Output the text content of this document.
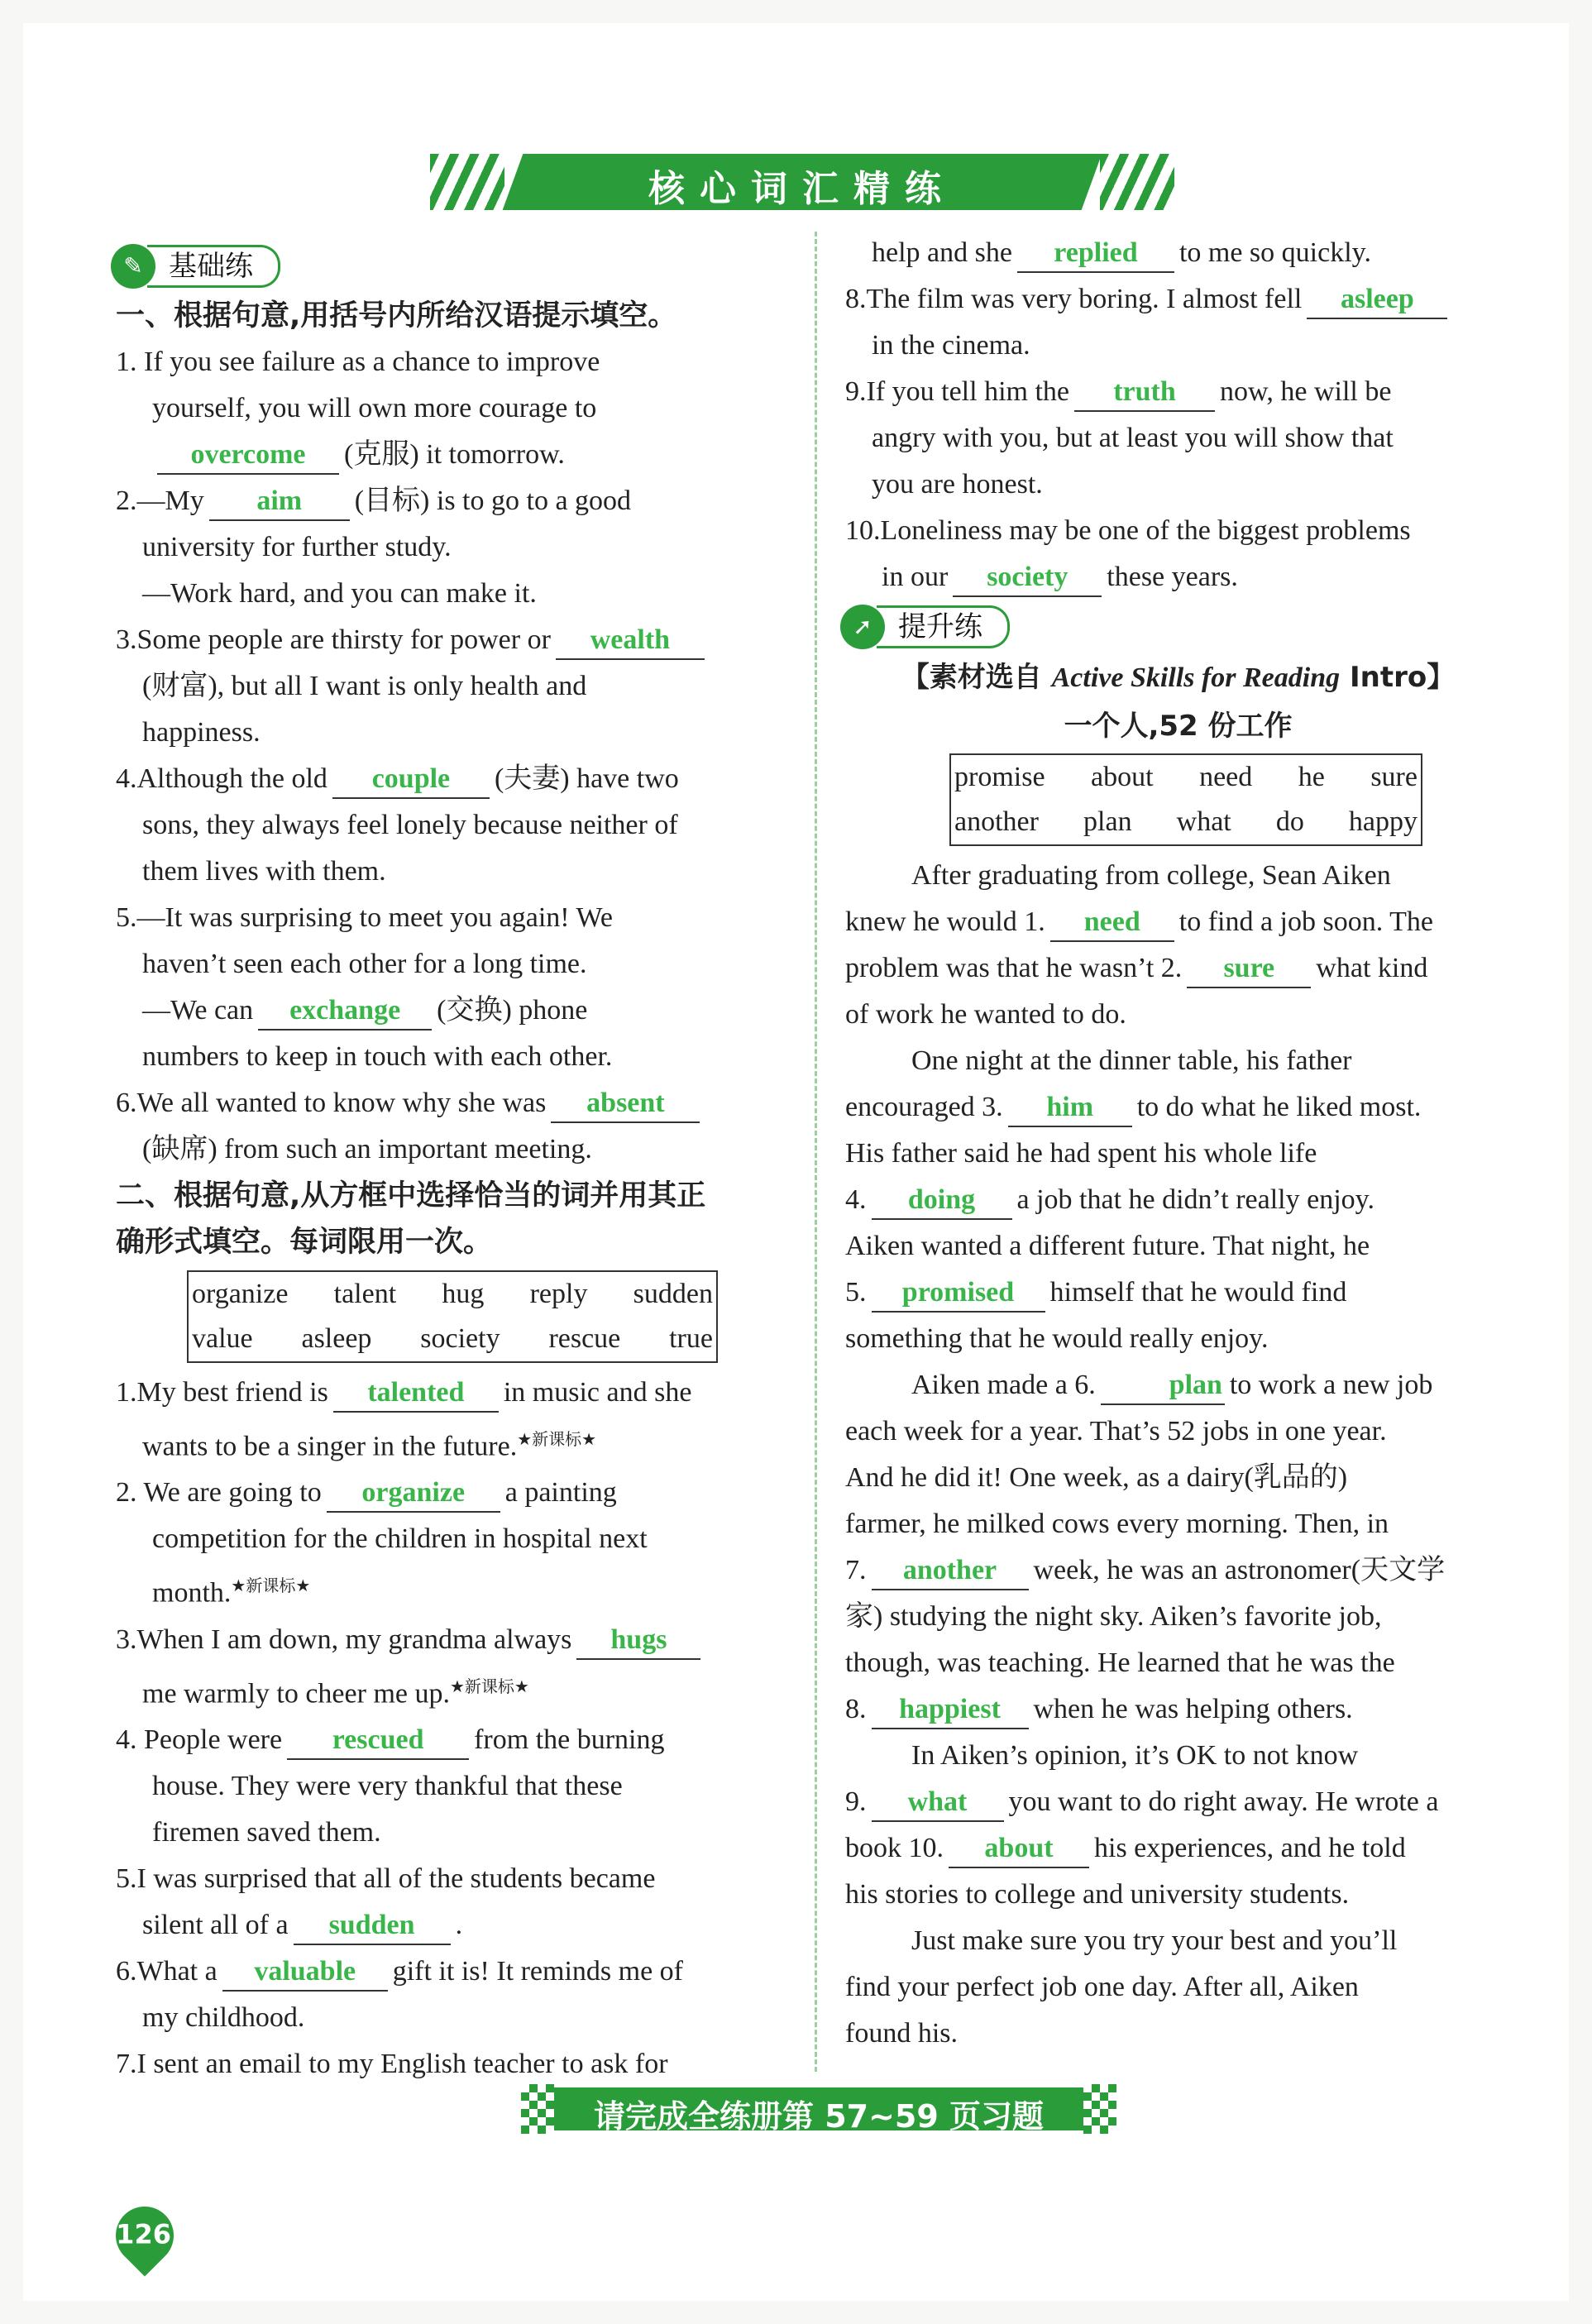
核心词汇精练
✎ 基础练
一、根据句意,用括号内所给汉语提示填空。
1. If you see failure as a chance to improve
yourself, you will own more courage to
overcome (克服) it tomorrow.
2.—My aim (目标) is to go to a good
university for further study.
—Work hard, and you can make it.
3.Some people are thirsty for power or wealth
(财富), but all I want is only health and
happiness.
4.Although the old couple (夫妻) have two
sons, they always feel lonely because neither of
them lives with them.
5.—It was surprising to meet you again! We
haven’t seen each other for a long time.
—We can exchange (交换) phone
numbers to keep in touch with each other.
6.We all wanted to know why she was absent
(缺席) from such an important meeting.
二、根据句意,从方框中选择恰当的词并用其正
确形式填空。每词限用一次。
organize talent hug reply sudden
value asleep society rescue true
1.My best friend is talented in music and she
wants to be a singer in the future.$^{★新课标★}$
2. We are going to organize a painting
competition for the children in hospital next
month.$^{★新课标★}$
3.When I am down, my grandma always hugs
me warmly to cheer me up.$^{★新课标★}$
4. People were rescued from the burning
house. They were very thankful that these
firemen saved them.
5.I was surprised that all of the students became
silent all of a sudden .
6.What a valuable gift it is! It reminds me of
my childhood.
7.I sent an email to my English teacher to ask for
help and she replied to me so quickly.
8.The film was very boring. I almost fell asleep
in the cinema.
9.If you tell him the truth now, he will be
angry with you, but at least you will show that
you are honest.
10.Loneliness may be one of the biggest problems
in our society these years.
➚ 提升练
【素材选自 Active Skills for Reading Intro】
一个人,52 份工作
promise about need he sure
another plan what do happy
After graduating from college, Sean Aiken
knew he would 1. need to find a job soon. The
problem was that he wasn’t 2. sure what kind
of work he wanted to do.
One night at the dinner table, his father
encouraged 3. him to do what he liked most.
His father said he had spent his whole life
4. doing a job that he didn’t really enjoy.
Aiken wanted a different future. That night, he
5. promised himself that he would find
something that he would really enjoy.
Aiken made a 6.	plan to work a new job
each week for a year. That’s 52 jobs in one year.
And he did it! One week, as a dairy(乳品的)
farmer, he milked cows every morning. Then, in
7. another week, he was an astronomer(天文学
家) studying the night sky. Aiken’s favorite job,
though, was teaching. He learned that he was the
8. happiest when he was helping others.
In Aiken’s opinion, it’s OK to not know
9. what you want to do right away. He wrote a
book 10. about his experiences, and he told
his stories to college and university students.
Just make sure you try your best and you’ll
find your perfect job one day. After all, Aiken
found his.
请完成全练册第 57~59 页习题
126
